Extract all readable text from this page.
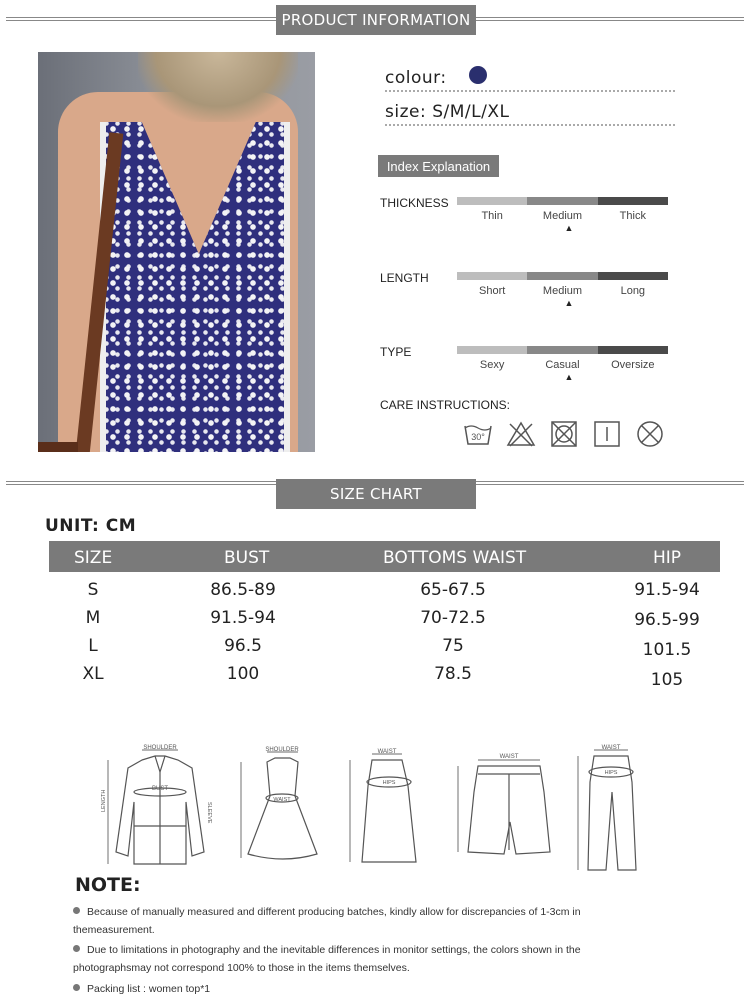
PRODUCT INFORMATION
colour:
size: S/M/L/XL
Index Explanation
THICKNESS
Thin	Medium	Thick
▲
LENGTH
Short	Medium	Long
▲
TYPE
Sexy	Casual	Oversize
▲
CARE INSTRUCTIONS:
30°
SIZE CHART
UNIT: CM
SIZE	BUST	BOTTOMS WAIST	HIP
S	86.5-89	65-67.5	91.5-94
M	91.5-94	70-72.5	96.5-99
L	96.5	75	101.5
XL	100	78.5	105
SHOULDER
BUST
LENGTH
SLEEVE
SHOULDER
WAIST
WAIST
HIPS
WAIST
WAIST
HIPS
NOTE:
Because of manually measured and different producing batches, kindly allow for discrepancies of 1-3cm in themeasurement.
Due to limitations in photography and the inevitable differences in monitor settings, the colors shown in the photographsmay not correspond 100% to those in the items themselves.
Packing list : women top*1
